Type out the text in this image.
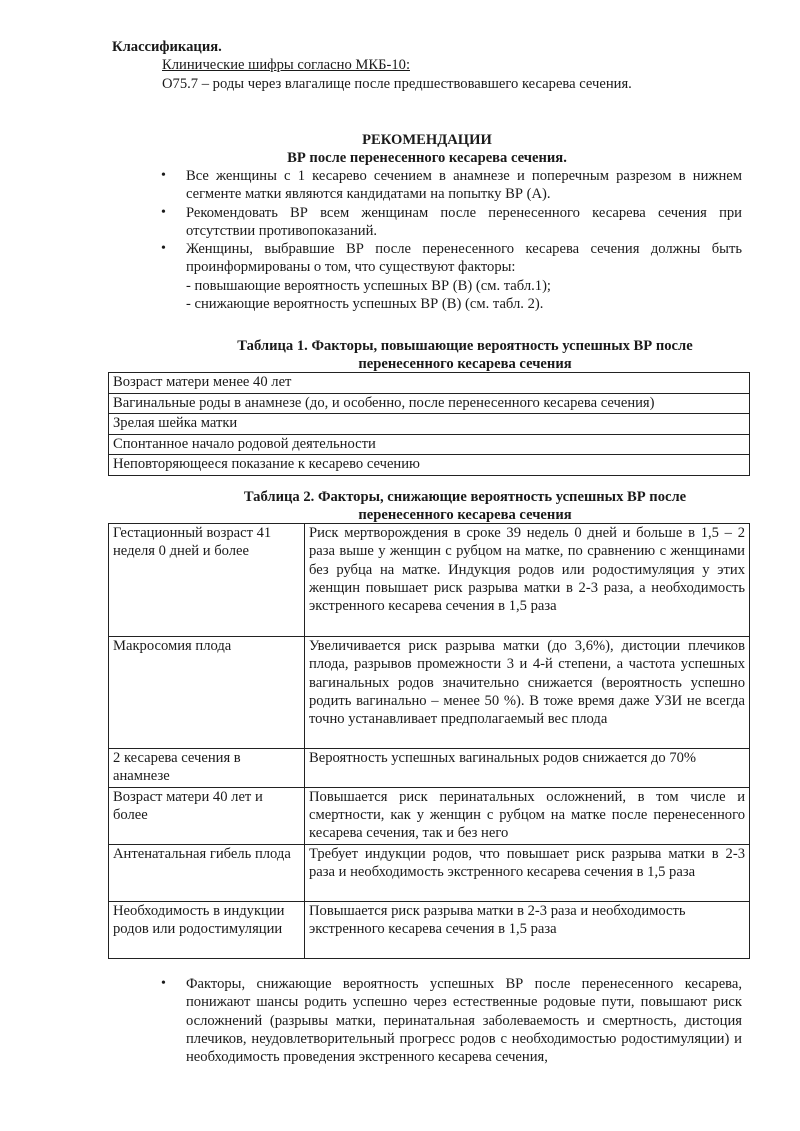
Классификация.
Клинические шифры согласно МКБ-10:
O75.7 – роды через влагалище после предшествовавшего кесарева сечения.
РЕКОМЕНДАЦИИ
ВР после перенесенного кесарева сечения.
• Все женщины с 1 кесарево сечением в анамнезе и поперечным разрезом в нижнем сегменте матки являются кандидатами на попытку ВР (А).
• Рекомендовать ВР всем женщинам после перенесенного кесарева сечения при отсутствии противопоказаний.
• Женщины, выбравшие ВР после перенесенного кесарева сечения должны быть проинформированы о том, что существуют факторы:
- повышающие вероятность успешных ВР (В) (см. табл.1);
- снижающие вероятность успешных ВР (В) (см. табл. 2).
Таблица 1. Факторы, повышающие вероятность успешных ВР после
перенесенного кесарева сечения
Возраст матери менее 40 лет
Вагинальные роды в анамнезе (до, и особенно, после перенесенного кесарева сечения)
Зрелая шейка матки
Спонтанное начало родовой деятельности
Неповторяющееся показание к кесарево сечению
Таблица 2. Факторы, снижающие вероятность успешных ВР после
перенесенного кесарева сечения
Гестационный возраст 41 неделя 0 дней и более	Риск мертворождения в сроке 39 недель 0 дней и больше в 1,5 – 2 раза выше у женщин с рубцом на матке, по сравнению с женщинами без рубца на матке. Индукция родов или родостимуляция у этих женщин повышает риск разрыва матки в 2-3 раза, а необходимость экстренного кесарева сечения в 1,5 раза
Макросомия плода	Увеличивается риск разрыва матки (до 3,6%), дистоции плечиков плода, разрывов промежности 3 и 4-й степени, а частота успешных вагинальных родов значительно снижается (вероятность успешно родить вагинально – менее 50 %). В тоже время даже УЗИ не всегда точно устанавливает предполагаемый вес плода
2 кесарева сечения в анамнезе	Вероятность успешных вагинальных родов снижается до 70%
Возраст матери 40 лет и более	Повышается риск перинатальных осложнений, в том числе и смертности, как у женщин с рубцом на матке после перенесенного кесарева сечения, так и без него
Антенатальная гибель плода	Требует индукции родов, что повышает риск разрыва матки в 2-3 раза и необходимость экстренного кесарева сечения в 1,5 раза
Необходимость в индукции родов или родостимуляции	Повышается риск разрыва матки в 2-3 раза и необходимость экстренного кесарева сечения в 1,5 раза
• Факторы, снижающие вероятность успешных ВР после перенесенного кесарева, понижают шансы родить успешно через естественные родовые пути, повышают риск осложнений (разрывы матки, перинатальная заболеваемость и смертность, дистоция плечиков, неудовлетворительный прогресс родов с необходимостью родостимуляции) и необходимость проведения экстренного кесарева сечения,
